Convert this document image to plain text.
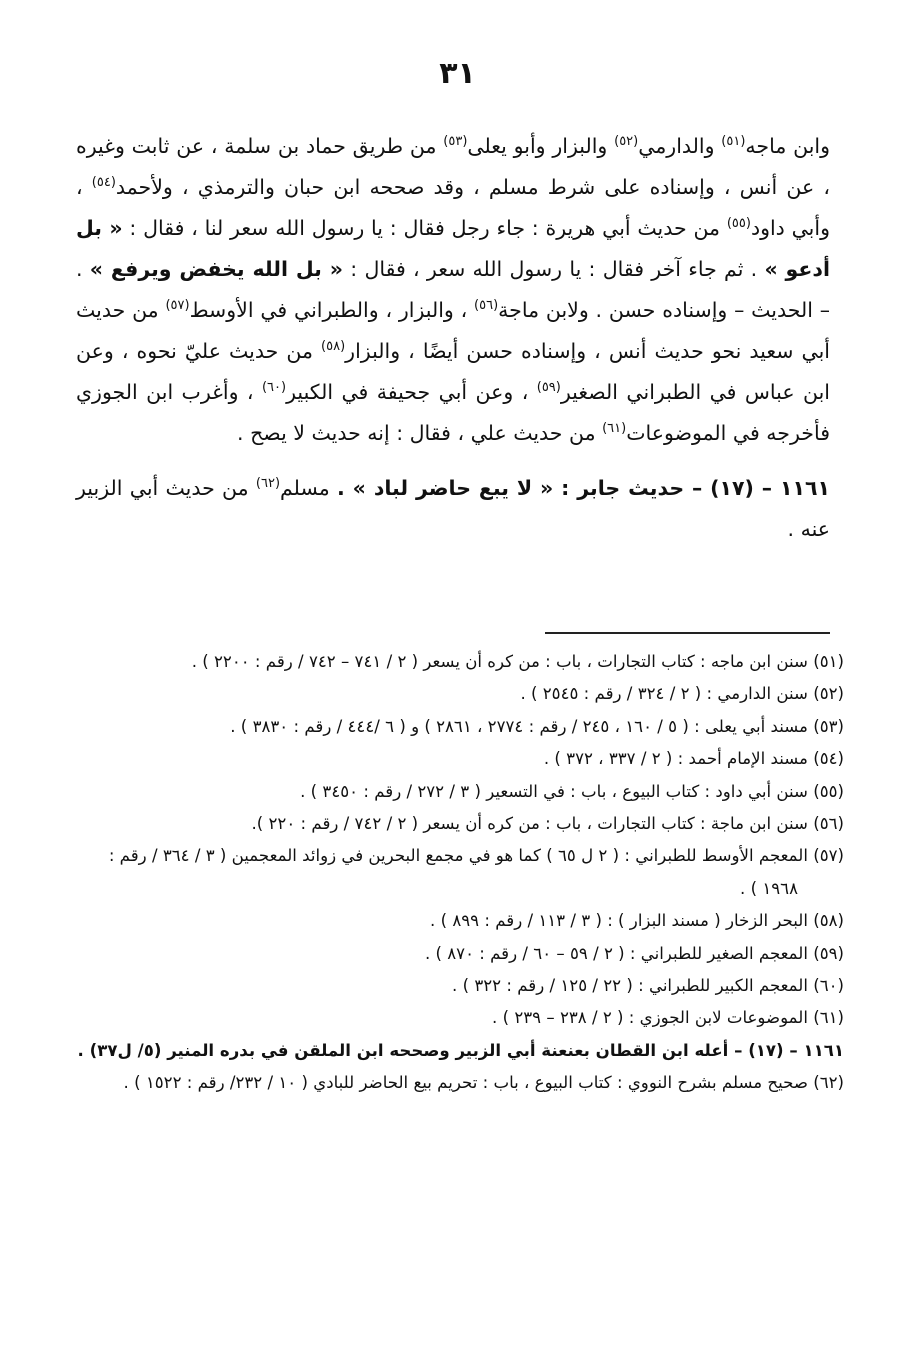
٣١

وابن ماجه$^{(٥١)}$ والدارمي$^{(٥٢)}$ والبزار وأبو يعلى$^{(٥٣)}$ من طريق حماد بن سلمة ، عن ثابت وغيره ، عن أنس ، وإسناده على شرط مسلم ، وقد صححه ابن حبان والترمذي ، ولأحمد$^{(٥٤)}$ ، وأبي داود$^{(٥٥)}$ من حديث أبي هريرة : جاء رجل فقال : يا رسول الله سعر لنا ، فقال : « بل أدعو » . ثم جاء آخر فقال : يا رسول الله سعر ، فقال : « بل الله يخفض ويرفع » . – الحديث – وإسناده حسن . ولابن ماجة$^{(٥٦)}$ ، والبزار ، والطبراني في الأوسط$^{(٥٧)}$ من حديث أبي سعيد نحو حديث أنس ، وإسناده حسن أيضًا ، والبزار$^{(٥٨)}$ من حديث عليّ نحوه ، وعن ابن عباس في الطبراني الصغير$^{(٥٩)}$ ، وعن أبي جحيفة في الكبير$^{(٦٠)}$ ، وأغرب ابن الجوزي فأخرجه في الموضوعات$^{(٦١)}$ من حديث علي ، فقال : إنه حديث لا يصح .

١١٦١ – (١٧) – حديث جابر : « لا يبع حاضر لباد » . مسلم$^{(٦٢)}$ من حديث أبي الزبير عنه .

(٥١) سنن ابن ماجه : كتاب التجارات ، باب : من كره أن يسعر ( ٢ / ٧٤١ – ٧٤٢ / رقم : ٢٢٠٠ ) .

(٥٢) سنن الدارمي : ( ٢ / ٣٢٤ / رقم : ٢٥٤٥ ) .

(٥٣) مسند أبي يعلى : ( ٥ / ١٦٠ ، ٢٤٥ / رقم : ٢٧٧٤ ، ٢٨٦١ ) و ( ٦ /٤٤٤ / رقم : ٣٨٣٠ ) .

(٥٤) مسند الإمام أحمد : ( ٢ / ٣٣٧ ، ٣٧٢ ) .

(٥٥) سنن أبي داود : كتاب البيوع ، باب : في التسعير ( ٣ / ٢٧٢ / رقم : ٣٤٥٠ ) .

(٥٦) سنن ابن ماجة : كتاب التجارات ، باب : من كره أن يسعر ( ٢ / ٧٤٢ / رقم : ٢٢٠ ).

(٥٧) المعجم الأوسط للطبراني : ( ٢ ل ٦٥ ) كما هو في مجمع البحرين في زوائد المعجمين ( ٣ / ٣٦٤ / رقم : ١٩٦٨ ) .

(٥٨) البحر الزخار ( مسند البزار ) : ( ٣ / ١١٣ / رقم : ٨٩٩ ) .

(٥٩) المعجم الصغير للطبراني : ( ٢ / ٥٩ – ٦٠ / رقم : ٨٧٠ ) .

(٦٠) المعجم الكبير للطبراني : ( ٢٢ / ١٢٥ / رقم : ٣٢٢ ) .

(٦١) الموضوعات لابن الجوزي : ( ٢ / ٢٣٨ – ٢٣٩ ) .

١١٦١ – (١٧) – أعله ابن القطان بعنعنة أبي الزبير وصححه ابن الملقن في بدره المنير (٥/ ل٣٧) .

(٦٢) صحيح مسلم بشرح النووي : كتاب البيوع ، باب : تحريم بيع الحاضر للبادي ( ١٠ / ٢٣٢/ رقم : ١٥٢٢ ) .
